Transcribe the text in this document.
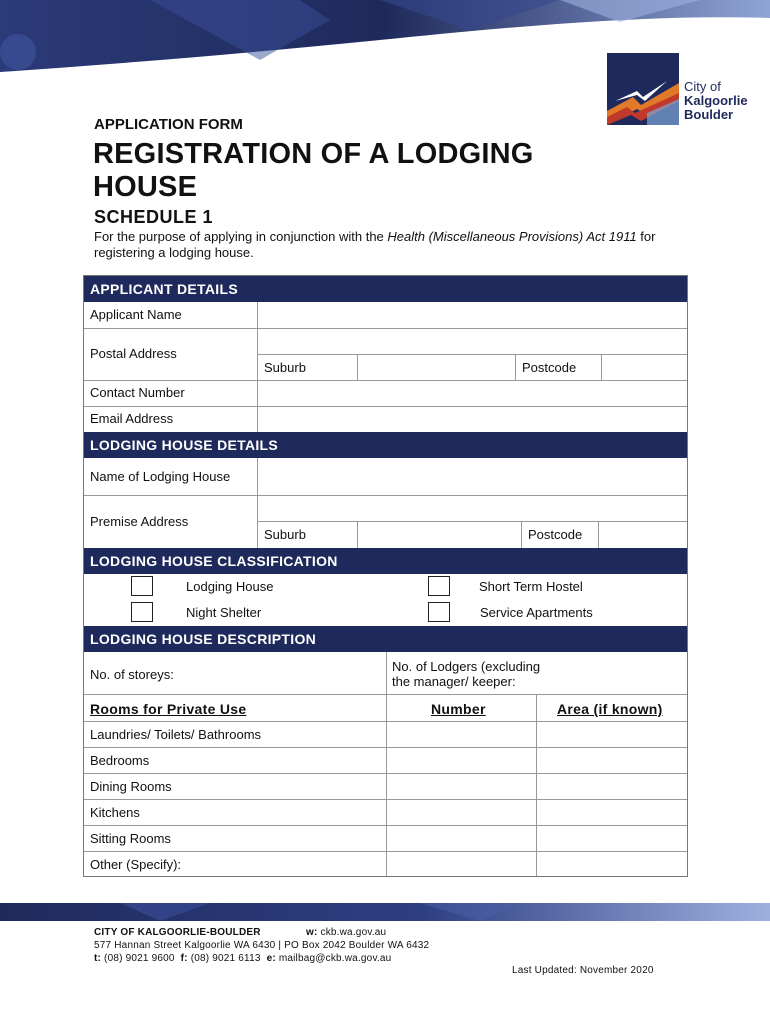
City of
Kalgoorlie
Boulder
APPLICATION FORM
REGISTRATION OF A LODGING HOUSE
SCHEDULE 1
For the purpose of applying in conjunction with the Health (Miscellaneous Provisions) Act 1911 for registering a lodging house.
APPLICANT DETAILS
Applicant Name
Postal Address
Suburb	Postcode
Contact Number
Email Address
LODGING HOUSE DETAILS
Name of Lodging House
Premise Address
Suburb	Postcode
LODGING HOUSE CLASSIFICATION
Lodging House	Short Term Hostel
Night Shelter	Service Apartments
LODGING HOUSE DESCRIPTION
No. of storeys:
No. of Lodgers (excluding
the manager/ keeper:
Rooms for Private Use	Number	Area (if known)
Laundries/ Toilets/ Bathrooms
Bedrooms
Dining Rooms
Kitchens
Sitting Rooms
Other (Specify):
CITY OF KALGOORLIE-BOULDER	w: ckb.wa.gov.au
577 Hannan Street Kalgoorlie WA 6430 | PO Box 2042 Boulder WA 6432
t: (08) 9021 9600 f: (08) 9021 6113 e: mailbag@ckb.wa.gov.au
Last Updated: November 2020
